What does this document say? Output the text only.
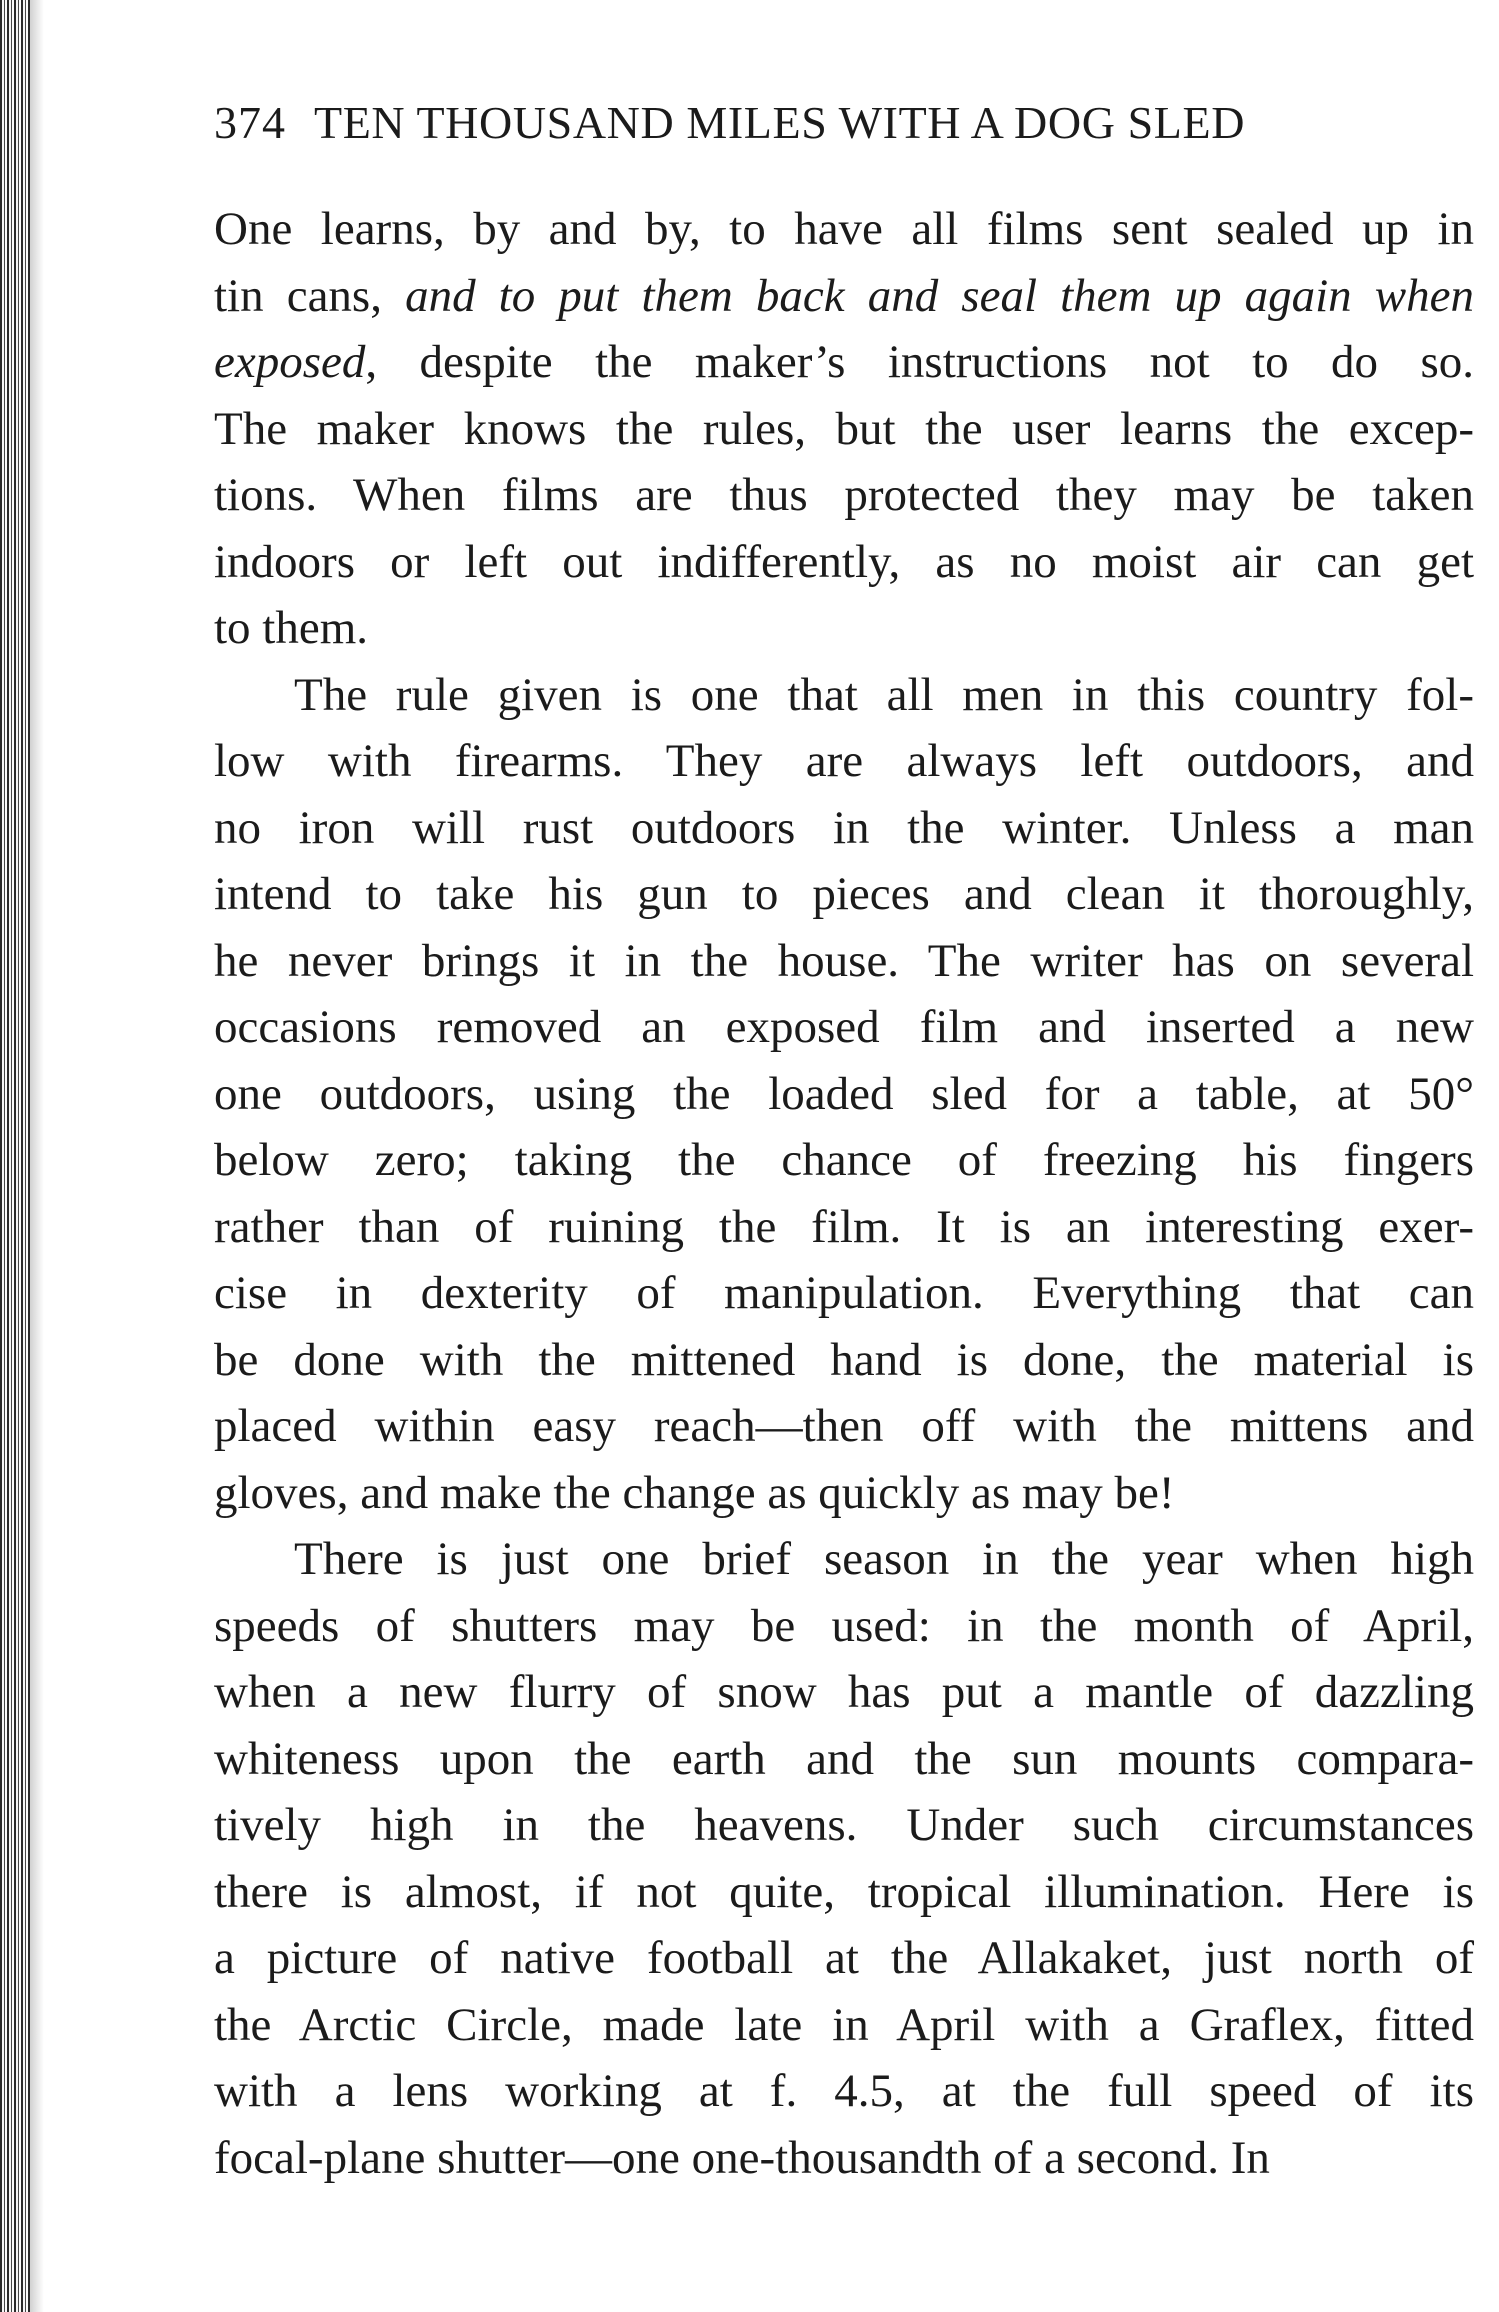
374 TEN THOUSAND MILES WITH A DOG SLED
One learns, by and by, to have all films sent sealed up in
tin cans, and to put them back and seal them up again when
exposed, despite the maker’s instructions not to do so.
The maker knows the rules, but the user learns the excep-
tions. When films are thus protected they may be taken
indoors or left out indifferently, as no moist air can get
to them.
The rule given is one that all men in this country fol-
low with firearms. They are always left outdoors, and
no iron will rust outdoors in the winter. Unless a man
intend to take his gun to pieces and clean it thoroughly,
he never brings it in the house. The writer has on several
occasions removed an exposed film and inserted a new
one outdoors, using the loaded sled for a table, at 50°
below zero; taking the chance of freezing his fingers
rather than of ruining the film. It is an interesting exer-
cise in dexterity of manipulation. Everything that can
be done with the mittened hand is done, the material is
placed within easy reach—then off with the mittens and
gloves, and make the change as quickly as may be!
There is just one brief season in the year when high
speeds of shutters may be used: in the month of April,
when a new flurry of snow has put a mantle of dazzling
whiteness upon the earth and the sun mounts compara-
tively high in the heavens. Under such circumstances
there is almost, if not quite, tropical illumination. Here is
a picture of native football at the Allakaket, just north of
the Arctic Circle, made late in April with a Graflex, fitted
with a lens working at f. 4.5, at the full speed of its
focal-plane shutter—one one-thousandth of a second. In
